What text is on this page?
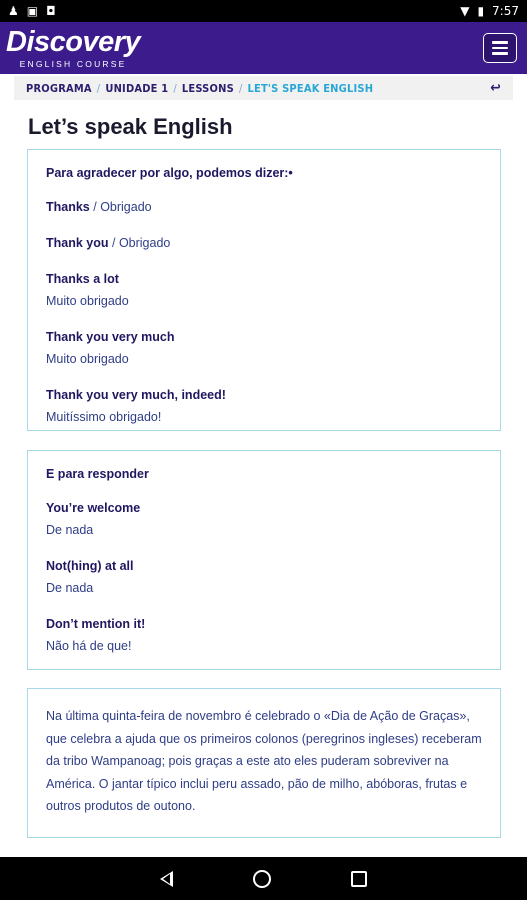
♟ ▣ ◘	▼ ▮ 7:57
Discovery
ENGLISH COURSE
PROGRAMA / UNIDADE 1 / LESSONS / LET'S SPEAK ENGLISH	↩
Let’s speak English
Para agradecer por algo, podemos dizer:•
Thanks / Obrigado
Thank you / Obrigado
Thanks a lot
Muito obrigado
Thank you very much
Muito obrigado
Thank you very much, indeed!
Muitíssimo obrigado!
E para responder
You’re welcome
De nada
Not(hing) at all
De nada
Don’t mention it!
Não há de que!

Na última quinta-feira de novembro é celebrado o «Dia de Ação de Graças», que celebra a ajuda que os primeiros colonos (peregrinos ingleses) receberam da tribo Wampanoag; pois graças a este ato eles puderam sobreviver na América. O jantar típico inclui peru assado, pão de milho, abóboras, frutas e outros produtos de outono.
